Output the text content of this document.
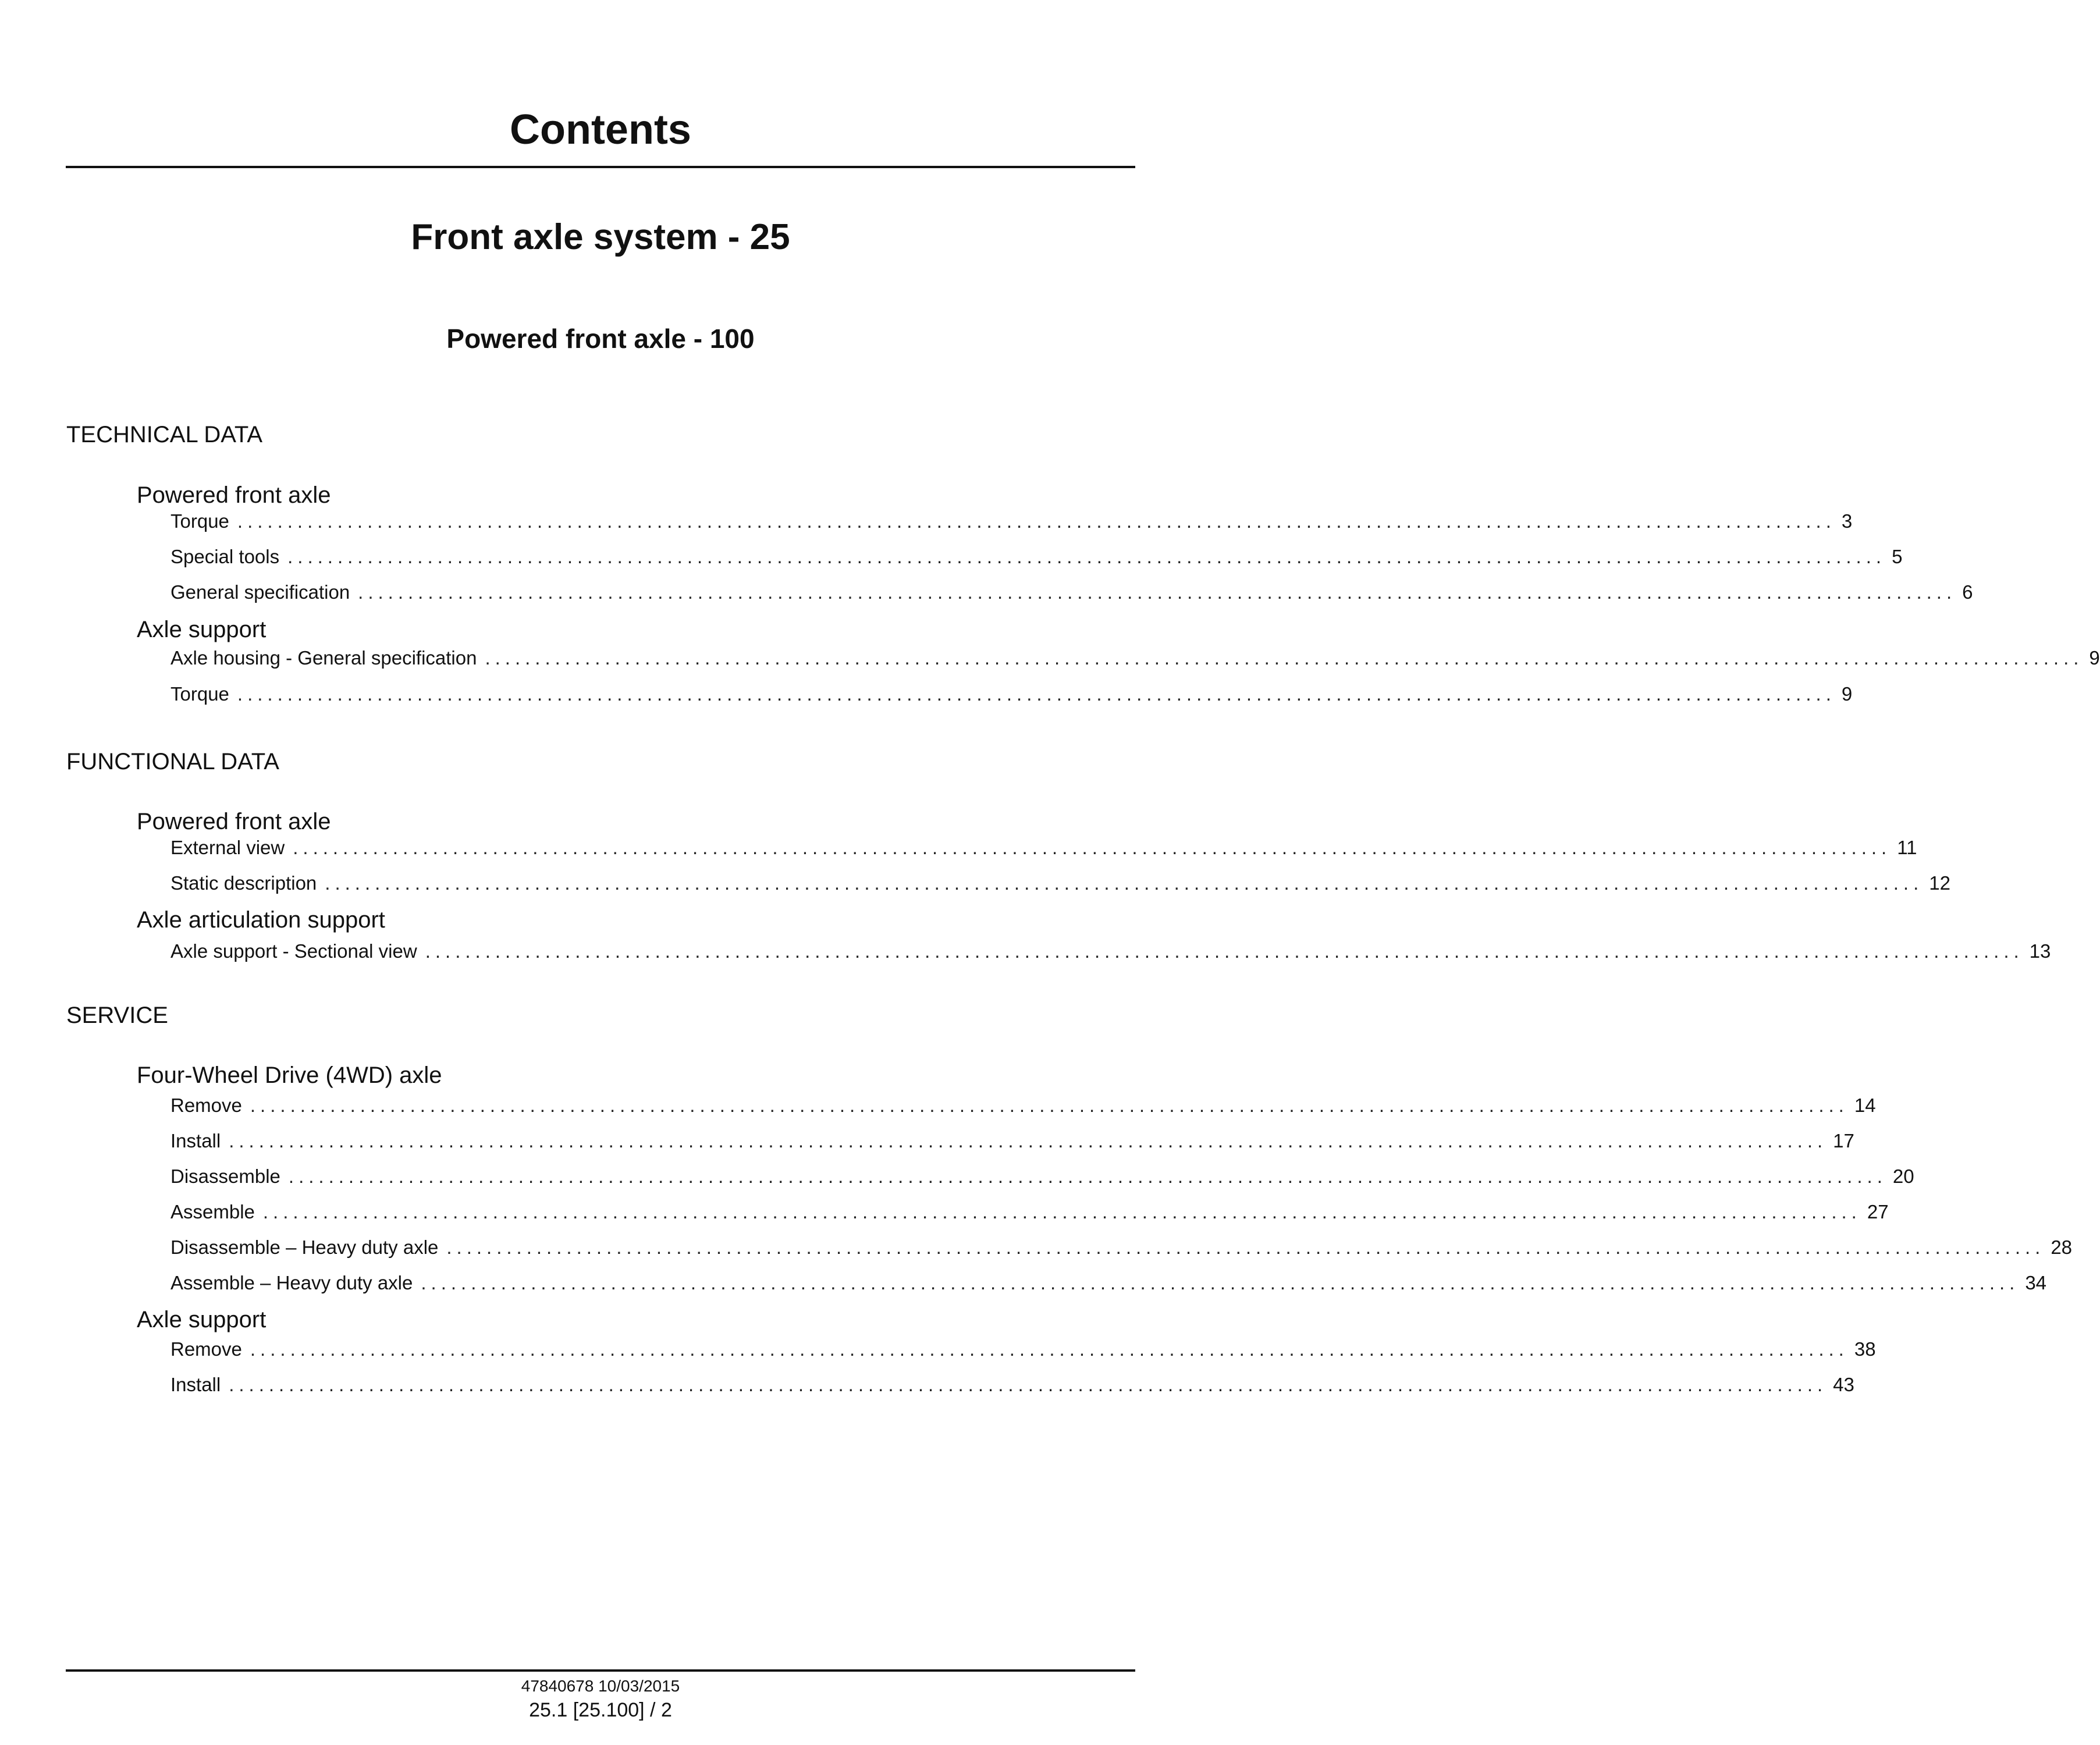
Contents
Front axle system - 25
Powered front axle - 100
TECHNICAL DATA
Powered front axle
Torque ................................................................................................................................................................ 3
Special tools ................................................................................................................................................................ 5
General specification ................................................................................................................................................................ 6
Axle support
Axle housing - General specification ................................................................................................................................................................ 9
Torque ................................................................................................................................................................ 9
FUNCTIONAL DATA
Powered front axle
External view ................................................................................................................................................................ 11
Static description ................................................................................................................................................................ 12
Axle articulation support
Axle support - Sectional view ................................................................................................................................................................ 13
SERVICE
Four-Wheel Drive (4WD) axle
Remove ................................................................................................................................................................ 14
Install ................................................................................................................................................................ 17
Disassemble ................................................................................................................................................................ 20
Assemble ................................................................................................................................................................ 27
Disassemble – Heavy duty axle ................................................................................................................................................................ 28
Assemble – Heavy duty axle ................................................................................................................................................................ 34
Axle support
Remove ................................................................................................................................................................ 38
Install ................................................................................................................................................................ 43
47840678 10/03/2015
25.1 [25.100] / 2
